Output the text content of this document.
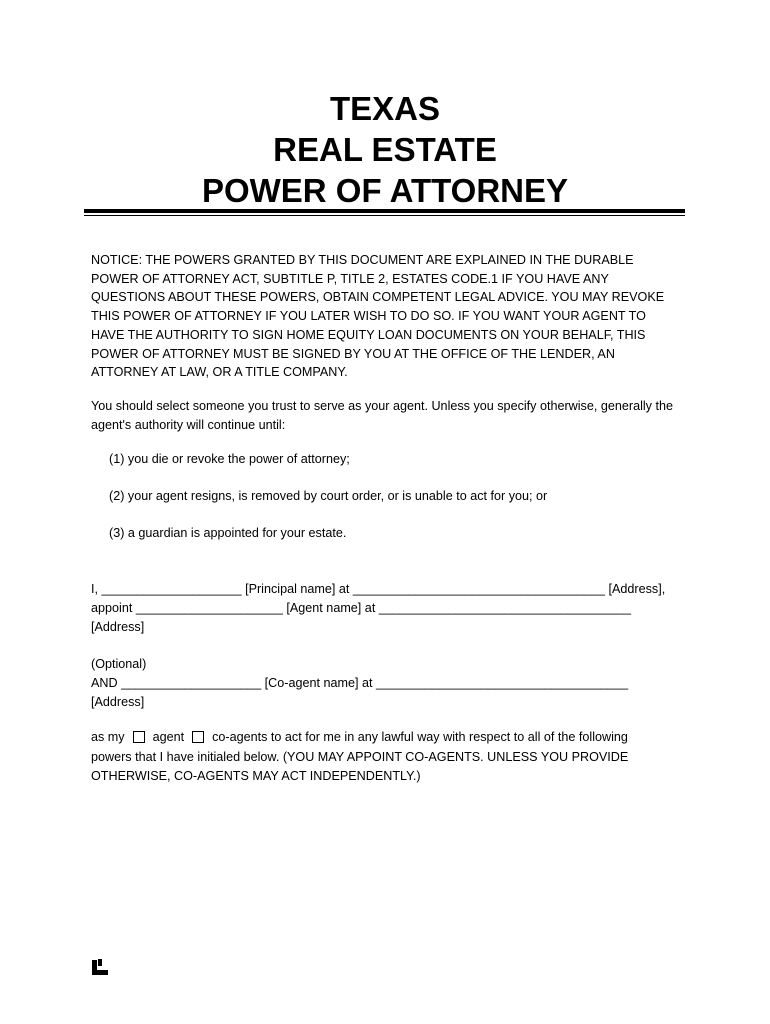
TEXAS
REAL ESTATE
POWER OF ATTORNEY
NOTICE: THE POWERS GRANTED BY THIS DOCUMENT ARE EXPLAINED IN THE DURABLE
POWER OF ATTORNEY ACT, SUBTITLE P, TITLE 2, ESTATES CODE.1 IF YOU HAVE ANY
QUESTIONS ABOUT THESE POWERS, OBTAIN COMPETENT LEGAL ADVICE. YOU MAY REVOKE
THIS POWER OF ATTORNEY IF YOU LATER WISH TO DO SO. IF YOU WANT YOUR AGENT TO
HAVE THE AUTHORITY TO SIGN HOME EQUITY LOAN DOCUMENTS ON YOUR BEHALF, THIS
POWER OF ATTORNEY MUST BE SIGNED BY YOU AT THE OFFICE OF THE LENDER, AN
ATTORNEY AT LAW, OR A TITLE COMPANY.
You should select someone you trust to serve as your agent. Unless you specify otherwise, generally the
agent's authority will continue until:
(1) you die or revoke the power of attorney;
(2) your agent resigns, is removed by court order, or is unable to act for you; or
(3) a guardian is appointed for your estate.
I, ____________________ [Principal name] at ____________________________________ [Address],
appoint _____________________ [Agent name] at ____________________________________
[Address]
(Optional)
AND ____________________ [Co-agent name] at ____________________________________
[Address]
as my agent co-agents to act for me in any lawful way with respect to all of the following
powers that I have initialed below. (YOU MAY APPOINT CO-AGENTS. UNLESS YOU PROVIDE
OTHERWISE, CO-AGENTS MAY ACT INDEPENDENTLY.)
